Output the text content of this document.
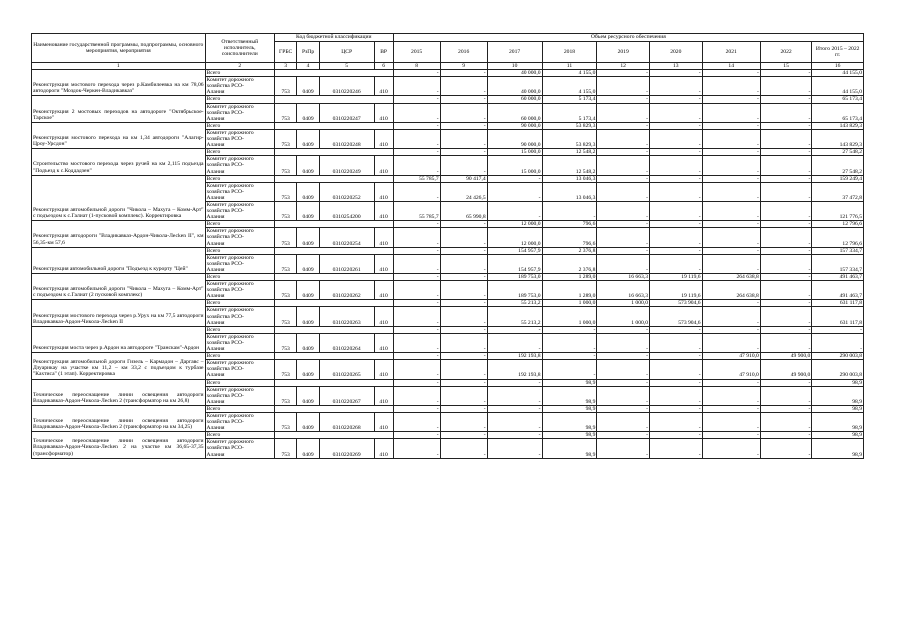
Наименование государственной программы, подпрограммы, основного мероприятия, мероприятия	Ответственный исполнитель, соисполнители	Код бюджетной классификации				Объем ресурсного обеспечения								
		ГРБС	РзПр	ЦСР	ВР	2015	2016	2017	2018	2019	2020	2021	2022	Итого 2015 – 2022 гг.
1	2	3	4	5	6	8	9	10	11	12	13	14	15	16
Реконструкция мостового перехода через р.Камбилеевка на км 78,06 автодороги "Моздок-Черкен-Владикавказ"	Всего					-	-	40 000,0	4 155,0	-	-	-	-	44 155,0

	Комитет дорожного
хозяйства РСО-
Алания	753	0409	0310220246	410	-	-	40 000,0	4 155,0	-	-	-	-	44 155,0
Реконструкция 2 мостовых переходов на автодороге "Октябрьское-Тарское"	Всего					-	-	60 000,0	5 173,4	-	-	-	-	65 173,4

	Комитет дорожного
хозяйства РСО-
Алания	753	0409	0310220247	410	-	-	60 000,0	5 173,4	-	-	-	-	65 173,4
Реконструкция мостового перехода на км 1,34 автодороги "Алагир-Цроу-Урсдон"	Всего					-	-	90 000,0	53 829,3	-	-	-	-	143 829,3

	Комитет дорожного
хозяйства РСО-
Алания	753	0409	0310220248	410	-	-	90 000,0	53 829,3	-	-	-	-	143 829,3
Строительство мостового перехода через ручей на км 2,115 подъезда "Подъезд к с.Коддадзен"	Всего					-	-	15 000,0	12 548,2	-	-	-	-	27 548,2

	Комитет дорожного
хозяйства РСО-
Алания	753	0409	0310220249	410	-	-	15 000,0	12 548,2	-	-	-	-	27 548,2
Реконструкция автомобильной дороги "Чикола – Махуга – Комм-Арт" с подъездом к с.Галиат (1-пусковой комплекс). Корректировка	Всего					55 785,7	90 417,4	-	13 046,3	-	-	-	-	159 249,4

	Комитет дорожного
хозяйства РСО-
Алания	753	0409	0310220252	410	-	24 426,5	-	13 046,3	-	-	-	-	37 472,8

	Комитет дорожного
хозяйства РСО-
Алания	753	0409	0310254200	410	55 785,7	65 990,8	-	-	-	-	-	-	121 776,5
Реконструкция автодороги "Владикавказ-Ардон-Чикола-Лесken II", км 56,35-км 57,6	Всего					-	-	12 000,0	796,6	-	-	-	-	12 796,6

	Комитет дорожного
хозяйства РСО-
Алания	753	0409	0310220254	410	-	-	12 000,0	796,6	-	-	-	-	12 796,6
Реконструкция автомобильной дороги "Подъезд к курорту "Цей"	Всего					-	-	154 957,9	2 376,8	-	-	-	-	157 334,7

	Комитет дорожного
хозяйства РСО-
Алания	753	0409	0310220261	410	-	-	154 957,9	2 376,8	-	-	-	-	157 334,7
Реконструкция автомобильной дороги "Чикола – Махуга – Комм-Арт" с подъездом к с.Галиат (2 пусковой комплекс)	Всего					-	-	189 753,0	1 289,0	16 663,3	19 119,6	264 638,8	-	491 463,7

	Комитет дорожного
хозяйства РСО-
Алания	753	0409	0310220262	410	-	-	189 753,0	1 289,0	16 663,3	19 119,6	264 638,8	-	491 463,7
Реконструкция мостового перехода через р.Уруx на км 77,5 автодороги Владикавказ-Ардон-Чикола-Лесken II	Всего					-	-	55 213,2	1 000,0	1 000,0	573 904,6	-	-	631 117,8

	Комитет дорожного
хозяйства РСО-
Алания	753	0409	0310220263	410	-	-	55 213,2	1 000,0	1 000,0	573 904,6	-	-	631 117,8
Реконструкция моста через р.Ардон на автодороге "Транскам"-Ардон	Всего					-	-	-	-	-	-	-	-	-

	Комитет дорожного
хозяйства РСО-
Алания	753	0409	0310220264	410	-	-	-	-	-	-	-	-	-
Реконструкция автомобильной дороги Гизель – Кармадон – Даргавс – Дзуарикау на участке км 11,2 – км 33,2 с подъездом к турбазе "Кахтиса" (1 этап). Корректировка	Всего					-	-	192 193,8	-	-	-	47 910,0	49 900,0	290 003,8

	Комитет дорожного
хозяйства РСО-
Алания	753	0409	0310220265	410	-	-	192 193,8	-	-	-	47 910,0	49 900,0	290 003,8
Техническое переоснащение линии освещения автодороги Владикавказ-Ардон-Чикола-Лесken 2 (трансформатор на км 26,8)	Всего					-	-	-	98,9	-	-	-	-	98,9

	Комитет дорожного
хозяйства РСО-
Алания	753	0409	0310220267	410	-	-	-	98,9	-	-	-	-	98,9
Техническое переоснащение линии освещения автодороги Владикавказ-Ардон-Чикола-Лесken 2 (трансформатор на км 34,25)	Всего					-	-	-	98,9	-	-	-	-	98,9

	Комитет дорожного
хозяйства РСО-
Алания	753	0409	0310220268	410	-	-	-	98,9	-	-	-	-	98,9
Техническое переоснащение линии освещения автодороги Владикавказ-Ардон-Чикола-Лесken 2 на участке км 36,65-37,35 (трансформатор)	Всего					-	-	-	98,9	-	-	-	-	98,9

	Комитет дорожного
хозяйства РСО-
Алания	753	0409	0310220269	410	-	-	-	98,9	-	-	-	-	98,9
